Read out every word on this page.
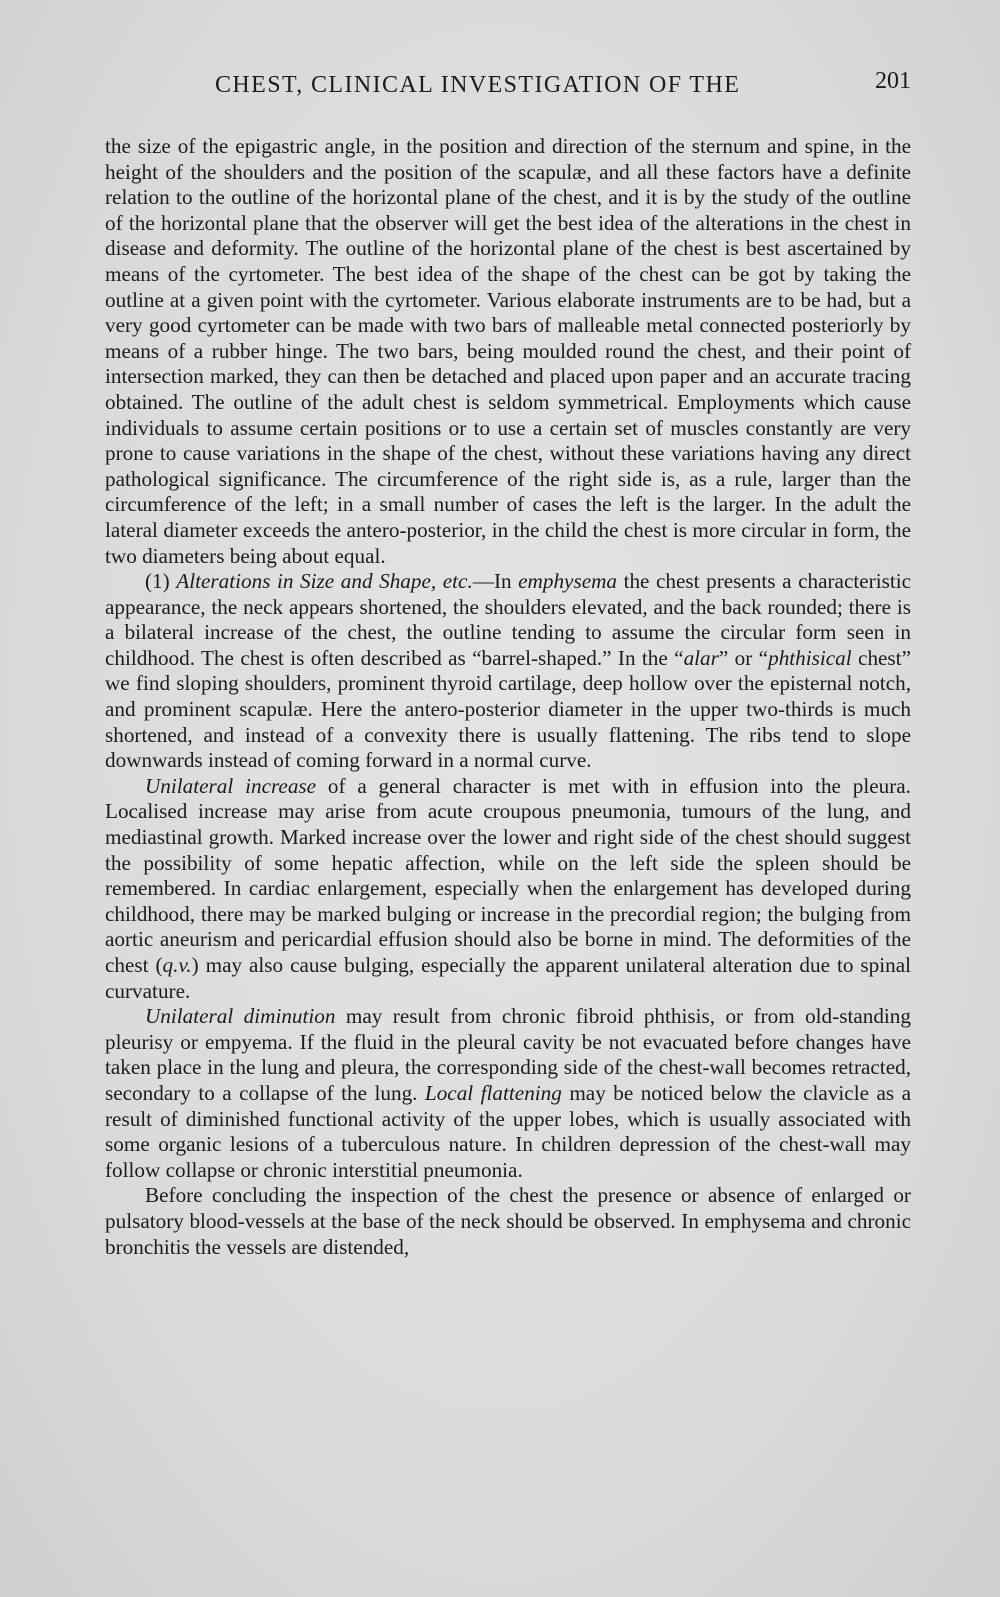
CHEST, CLINICAL INVESTIGATION OF THE	201

the size of the epigastric angle, in the position and direction of the sternum and spine, in the height of the shoulders and the position of the scapulæ, and all these factors have a definite relation to the outline of the horizontal plane of the chest, and it is by the study of the outline of the horizontal plane that the observer will get the best idea of the alterations in the chest in disease and deformity. The outline of the horizontal plane of the chest is best ascertained by means of the cyrtometer. The best idea of the shape of the chest can be got by taking the outline at a given point with the cyrtometer. Various elaborate instruments are to be had, but a very good cyrtometer can be made with two bars of malleable metal connected posteriorly by means of a rubber hinge. The two bars, being moulded round the chest, and their point of intersection marked, they can then be detached and placed upon paper and an accurate tracing obtained. The outline of the adult chest is seldom symmetrical. Employments which cause individuals to assume certain positions or to use a certain set of muscles constantly are very prone to cause variations in the shape of the chest, without these variations having any direct pathological significance. The circumference of the right side is, as a rule, larger than the circumference of the left; in a small number of cases the left is the larger. In the adult the lateral diameter exceeds the antero-posterior, in the child the chest is more circular in form, the two diameters being about equal.

(1) Alterations in Size and Shape, etc.—In emphysema the chest presents a characteristic appearance, the neck appears shortened, the shoulders elevated, and the back rounded; there is a bilateral increase of the chest, the outline tending to assume the circular form seen in childhood. The chest is often described as “barrel-shaped.” In the “alar” or “phthisical chest” we find sloping shoulders, prominent thyroid cartilage, deep hollow over the episternal notch, and prominent scapulæ. Here the antero-posterior diameter in the upper two-thirds is much shortened, and instead of a convexity there is usually flattening. The ribs tend to slope downwards instead of coming forward in a normal curve.

Unilateral increase of a general character is met with in effusion into the pleura. Localised increase may arise from acute croupous pneumonia, tumours of the lung, and mediastinal growth. Marked increase over the lower and right side of the chest should suggest the possibility of some hepatic affection, while on the left side the spleen should be remembered. In cardiac enlargement, especially when the enlargement has developed during childhood, there may be marked bulging or increase in the precordial region; the bulging from aortic aneurism and pericardial effusion should also be borne in mind. The deformities of the chest (q.v.) may also cause bulging, especially the apparent unilateral alteration due to spinal curvature.

Unilateral diminution may result from chronic fibroid phthisis, or from old-standing pleurisy or empyema. If the fluid in the pleural cavity be not evacuated before changes have taken place in the lung and pleura, the corresponding side of the chest-wall becomes retracted, secondary to a collapse of the lung. Local flattening may be noticed below the clavicle as a result of diminished functional activity of the upper lobes, which is usually associated with some organic lesions of a tuberculous nature. In children depression of the chest-wall may follow collapse or chronic interstitial pneumonia.

Before concluding the inspection of the chest the presence or absence of enlarged or pulsatory blood-vessels at the base of the neck should be observed. In emphysema and chronic bronchitis the vessels are distended,
